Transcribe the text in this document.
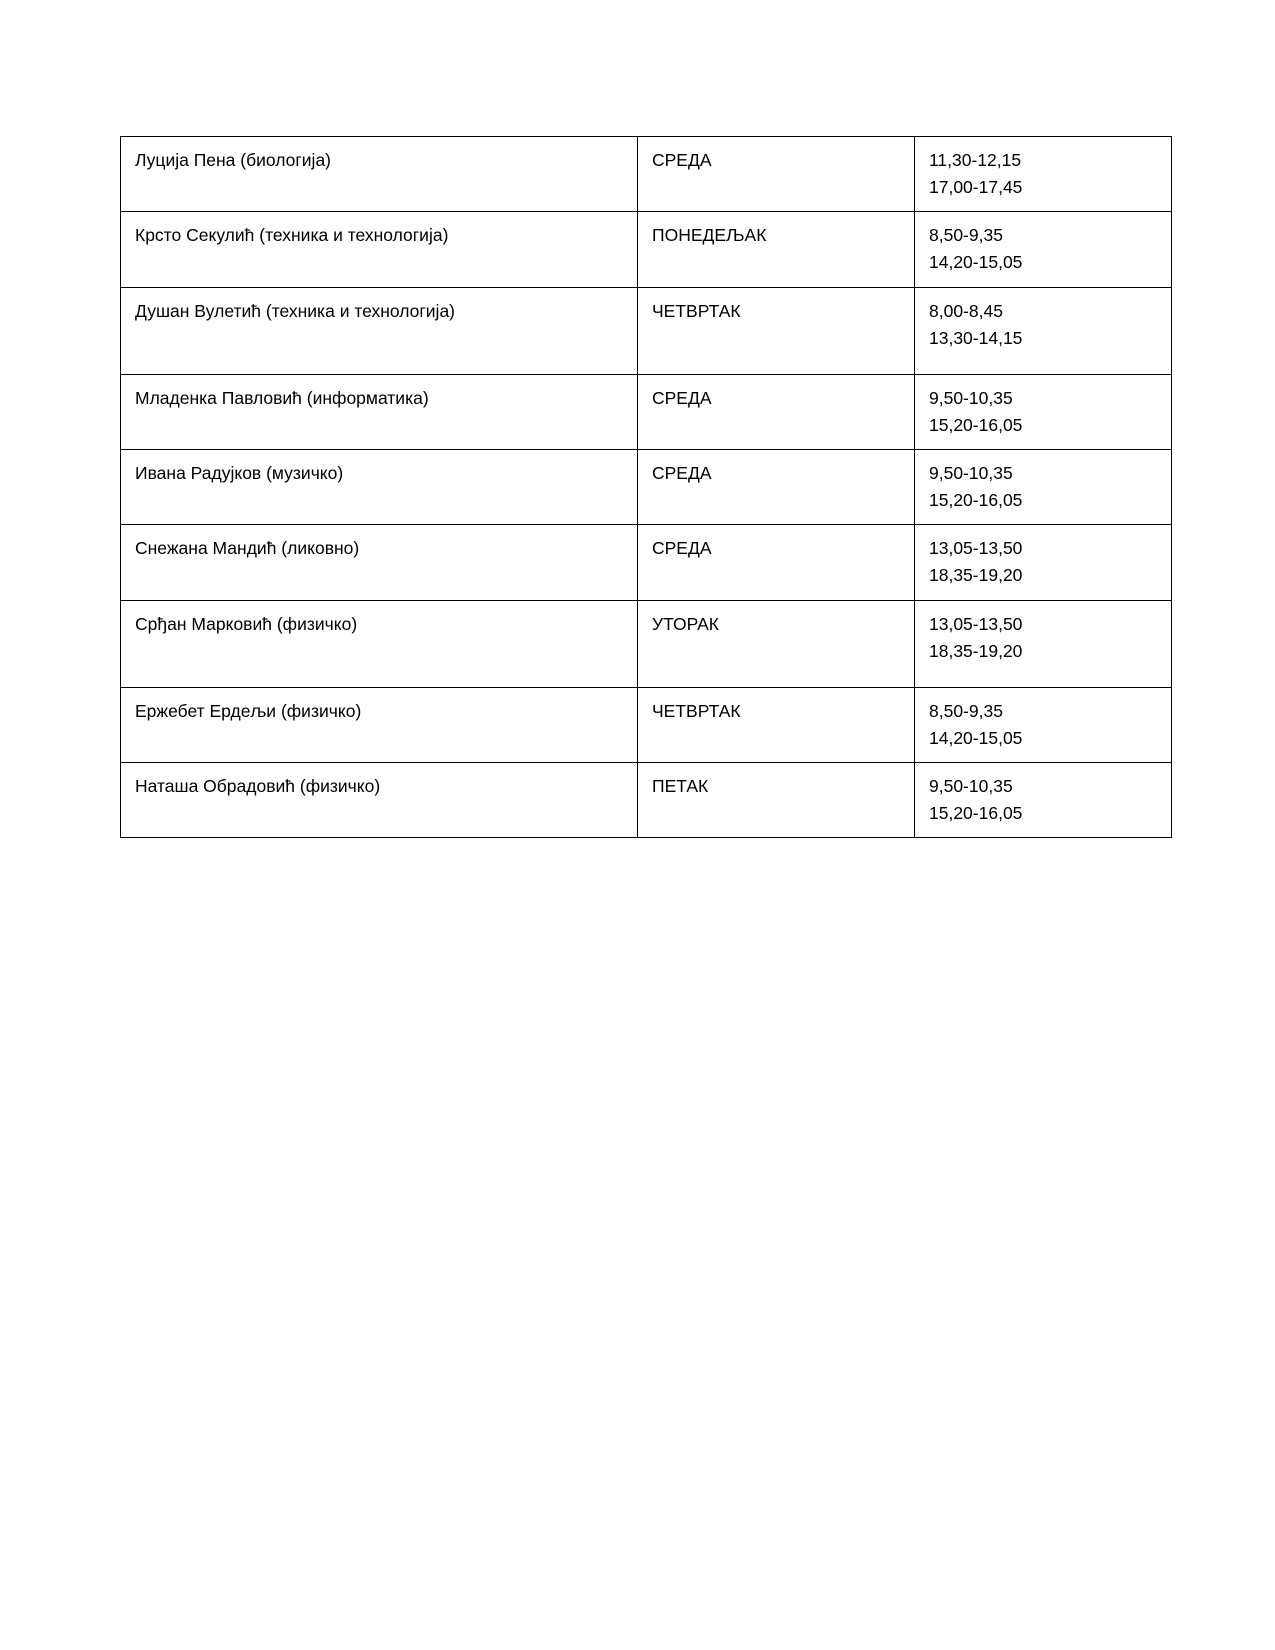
Луција Пена (биологија)	СРЕДА	11,30-12,15
17,00-17,45

Крсто Секулић (техника и технологија)	ПОНЕДЕЉАК	8,50-9,35
14,20-15,05

Душан Вулетић (техника и технологија)	ЧЕТВРТАК	8,00-8,45
13,30-14,15

Младенка Павловић (информатика)	СРЕДА	9,50-10,35
15,20-16,05

Ивана Радујков (музичко)	СРЕДА	9,50-10,35
15,20-16,05

Снежана Мандић (ликовно)	СРЕДА	13,05-13,50
18,35-19,20

Срђан Марковић (физичко)	УТОРАК	13,05-13,50
18,35-19,20

Ержебет Ердељи (физичко)	ЧЕТВРТАК	8,50-9,35
14,20-15,05

Наташа Обрадовић (физичко)	ПЕТАК	9,50-10,35
15,20-16,05
